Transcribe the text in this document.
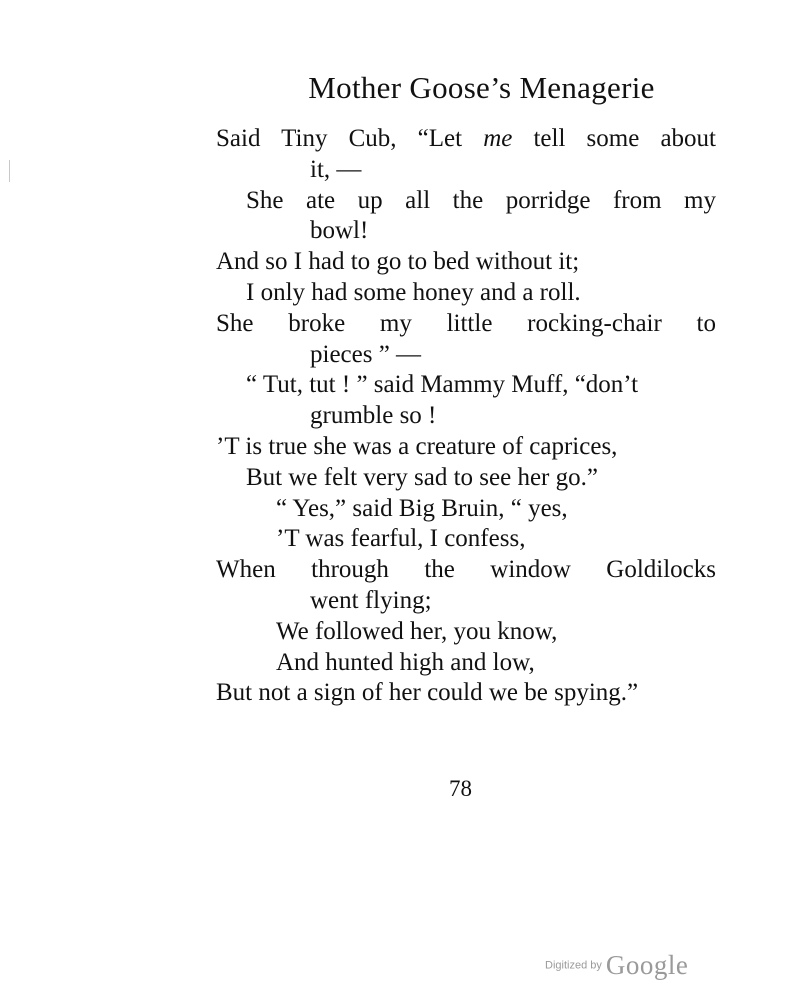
Mother Goose’s Menagerie
Said Tiny Cub, “Let me tell some about
it, —
She ate up all the porridge from my
bowl!
And so I had to go to bed without it;
I only had some honey and a roll.
She broke my little rocking-chair to
pieces ” —
“ Tut, tut ! ” said Mammy Muff, “don’t
grumble so !
’T is true she was a creature of caprices,
But we felt very sad to see her go.”
“ Yes,” said Big Bruin, “ yes,
’T was fearful, I confess,
When through the window Goldilocks
went flying;
We followed her, you know,
And hunted high and low,
But not a sign of her could we be spying.”
78
Digitized by Google
